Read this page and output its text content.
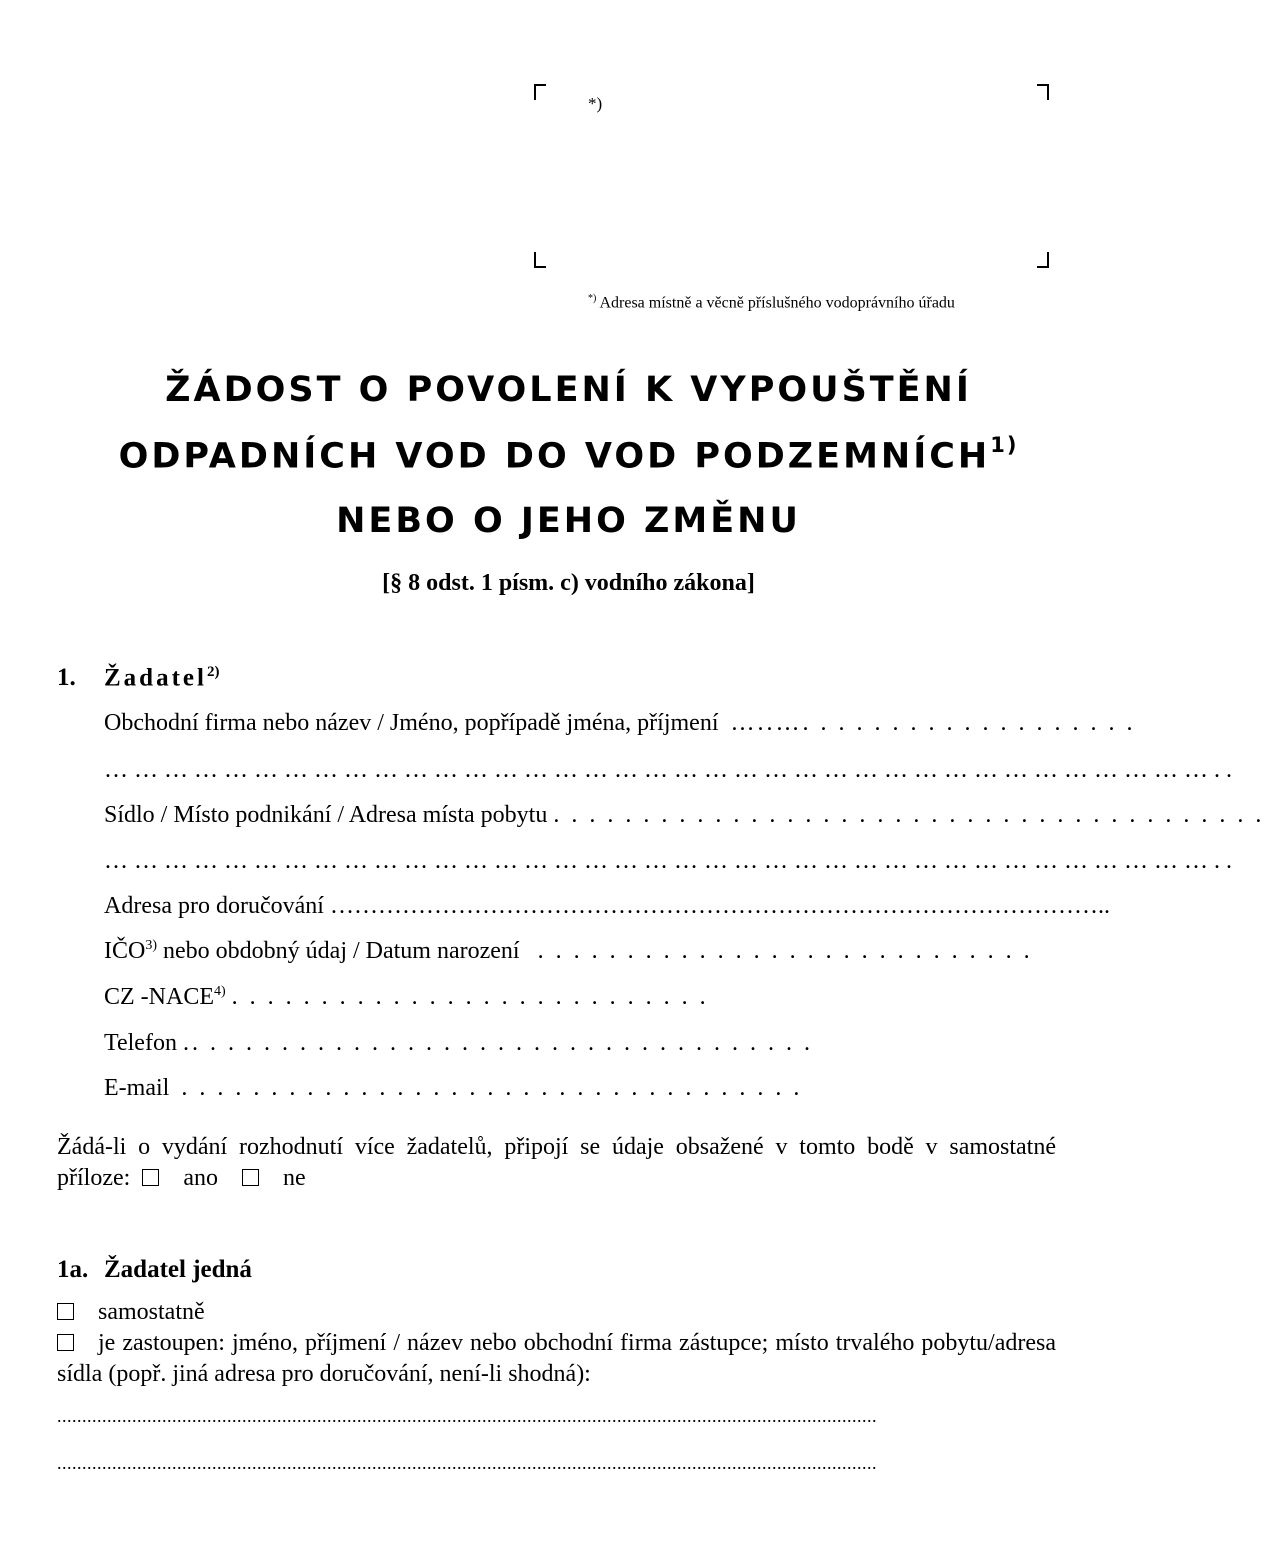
*)
*) Adresa místně a věcně příslušného vodoprávního úřadu
ŽÁDOST O POVOLENÍ K VYPOUŠTĚNÍ
ODPADNÍCH VOD DO VOD PODZEMNÍCH$^{1)}$
NEBO O JEHO ZMĚNU
[§ 8 odst. 1 písm. c) vodního zákona]
1. Žadatel$^{2)}$
Obchodní firma nebo název / Jméno, popřípadě jména, příjmení …..…. . . . . . . . . . . . . . . . . . .
… … … … … … … … … … … … … … … … … … … … … … … … … … … … … … … … … … … … … . .
Sídlo / Místo podnikání / Adresa místa pobytu . . . . . . . . . . . . . . . . . . . . . . . . . . . . . . . . . . . . . . . .
… … … … … … … … … … … … … … … … … … … … … … … … … … … … … … … … … … … … … . .
Adresa pro doručování ……………………………………………………………………………………..
IČO$^{3)}$ nebo obdobný údaj / Datum narození . . . . . . . . . . . . . . . . . . . . . . . . . . . .
CZ -NACE$^{4)}$ . . . . . . . . . . . . . . . . . . . . . . . . . . .
Telefon .. . . . . . . . . . . . . . . . . . . . . . . . . . . . . . . . . . .
E-mail . . . . . . . . . . . . . . . . . . . . . . . . . . . . . . . . . . .
Žádá-li o vydání rozhodnutí více žadatelů, připojí se údaje obsažené v tomto bodě v samostatné příloze: ano	ne
1a. Žadatel jedná
samostatně
je zastoupen: jméno, příjmení / název nebo obchodní firma zástupce; místo trvalého pobytu/adresa sídla (popř. jiná adresa pro doručování, není-li shodná):
....................................................................................................................................................................
....................................................................................................................................................................
